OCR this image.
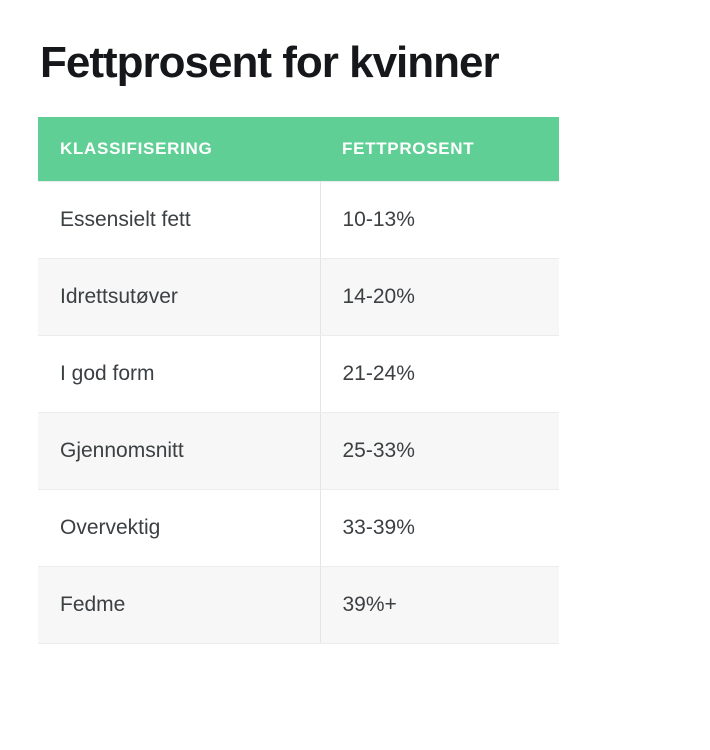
Fettprosent for kvinner
KLASSIFISERING	FETTPROSENT
Essensielt fett	10-13%
Idrettsutøver	14-20%
I god form	21-24%
Gjennomsnitt	25-33%
Overvektig	33-39%
Fedme	39%+
